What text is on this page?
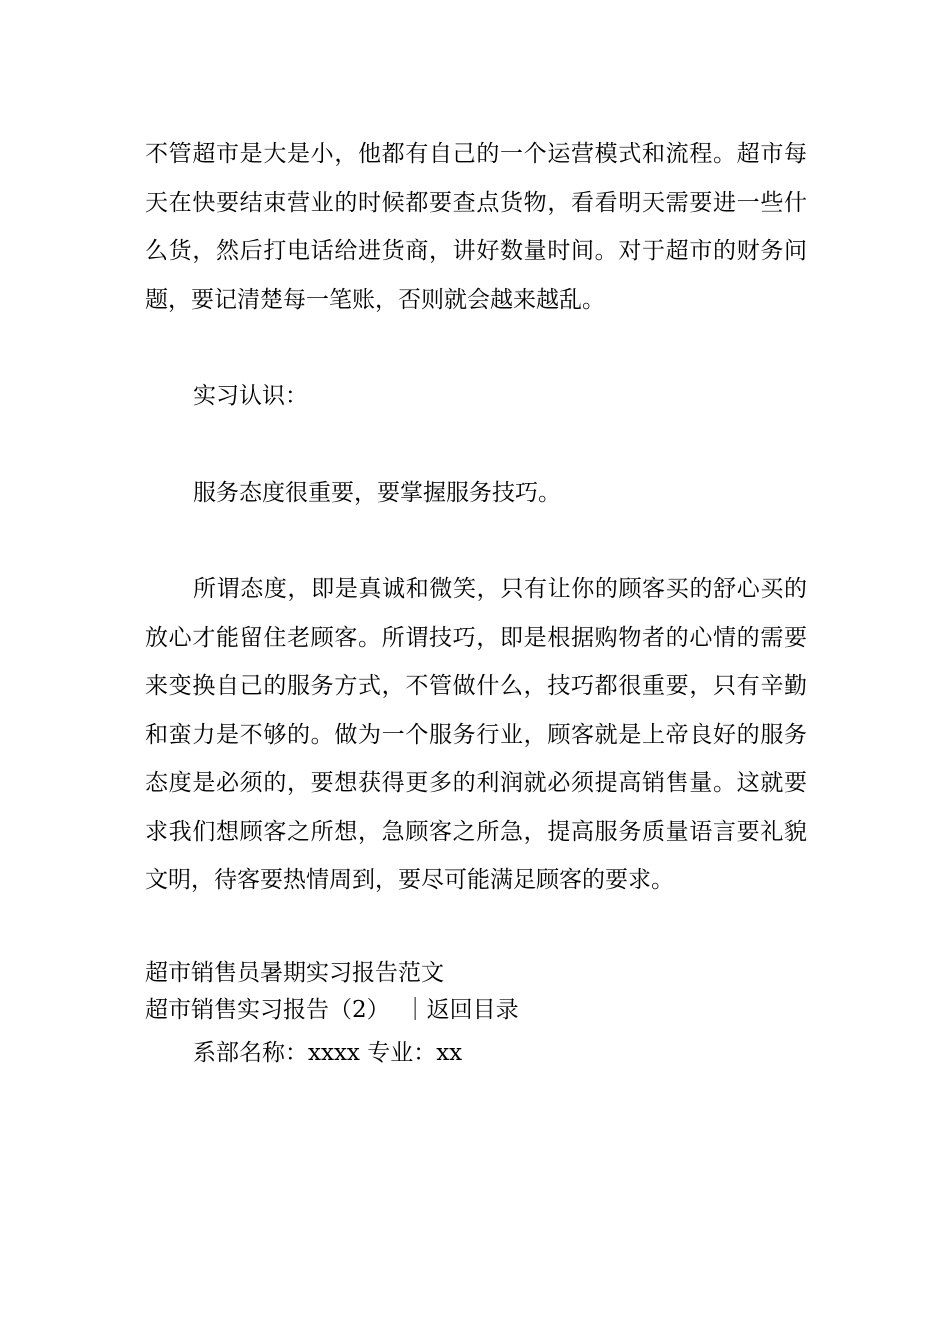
不管超市是大是小，他都有自己的一个运营模式和流程。超市每天在快要结束营业的时候都要查点货物，看看明天需要进一些什么货，然后打电话给进货商，讲好数量时间。对于超市的财务问题，要记清楚每一笔账，否则就会越来越乱。

实习认识：

服务态度很重要，要掌握服务技巧。

所谓态度，即是真诚和微笑，只有让你的顾客买的舒心买的放心才能留住老顾客。所谓技巧，即是根据购物者的心情的需要来变换自己的服务方式，不管做什么，技巧都很重要，只有辛勤和蛮力是不够的。做为一个服务行业，顾客就是上帝良好的服务态度是必须的，要想获得更多的利润就必须提高销售量。这就要求我们想顾客之所想，急顾客之所急，提高服务质量语言要礼貌文明，待客要热情周到，要尽可能满足顾客的要求。

超市销售员暑期实习报告范文

超市销售实习报告（2） ｜返回目录

系部名称：xxxx 专业：xx
